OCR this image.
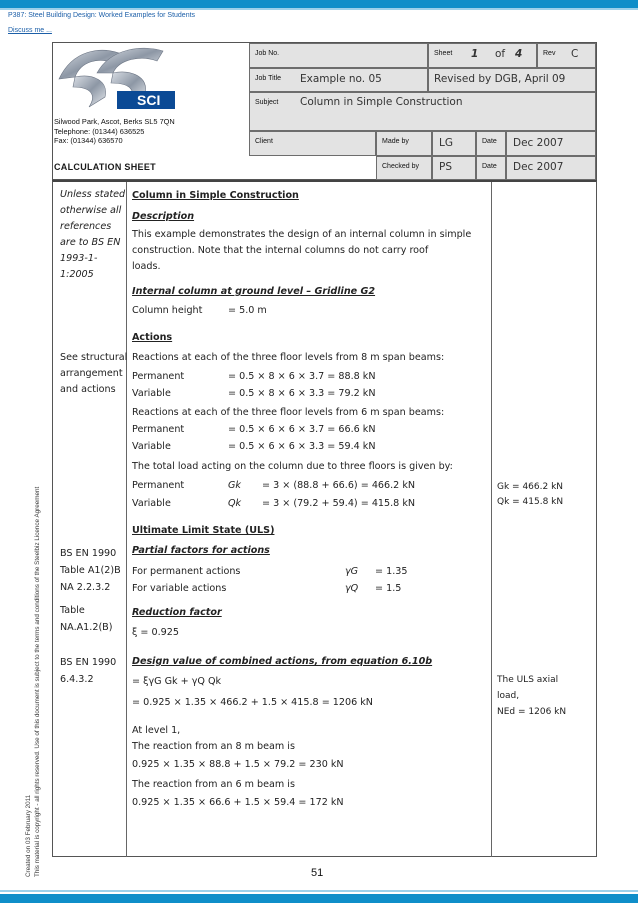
P387: Steel Building Design: Worked Examples for Students
Discuss me ...
Created on 03 February 2011 This material is copyright - all rights reserved. Use of this document is subject to the terms and conditions of the Steelbiz Licence Agreement
SCI
Silwood Park, Ascot, Berks SL5 7QN
Telephone: (01344) 636525
Fax: (01344) 636570
CALCULATION SHEET
Job No.	Sheet 1 of 4	Rev C
Job Title Example no. 05	Revised by DGB, April 09
Subject Column in Simple Construction
Client	Made by	LG	Date Dec 2007
Checked by PS	Date Dec 2007
Unless stated
otherwise all
references
are to BS EN
1993-1-
1:2005
See structural
arrangement
and actions
BS EN 1990
Table A1(2)B
NA 2.2.3.2
Table
NA.A1.2(B)
BS EN 1990
6.4.3.2
Column in Simple Construction
Description
This example demonstrates the design of an internal column in simple
construction. Note that the internal columns do not carry roof
loads.
Internal column at ground level – Gridline G2
Column height	= 5.0 m
Actions
Reactions at each of the three floor levels from 8 m span beams:
Permanent	= 0.5 × 8 × 6 × 3.7 = 88.8 kN
Variable	= 0.5 × 8 × 6 × 3.3 = 79.2 kN
Reactions at each of the three floor levels from 6 m span beams:
Permanent	= 0.5 × 6 × 6 × 3.7 = 66.6 kN
Variable	= 0.5 × 6 × 6 × 3.3 = 59.4 kN
The total load acting on the column due to three floors is given by:
Permanent	Gk = 3 × (88.8 + 66.6) = 466.2 kN
Variable	Qk = 3 × (79.2 + 59.4) = 415.8 kN
Ultimate Limit State (ULS)
Partial factors for actions
For permanent actions	γG = 1.35
For variable actions	γQ = 1.5
Reduction factor
ξ = 0.925
Design value of combined actions, from equation 6.10b
= ξγG Gk + γQ Qk
= 0.925 × 1.35 × 466.2 + 1.5 × 415.8 = 1206 kN
At level 1,
The reaction from an 8 m beam is
0.925 × 1.35 × 88.8 + 1.5 × 79.2 = 230 kN
The reaction from an 6 m beam is
0.925 × 1.35 × 66.6 + 1.5 × 59.4 = 172 kN
Gk = 466.2 kN
Qk = 415.8 kN
The ULS axial
load,
NEd = 1206 kN
51
